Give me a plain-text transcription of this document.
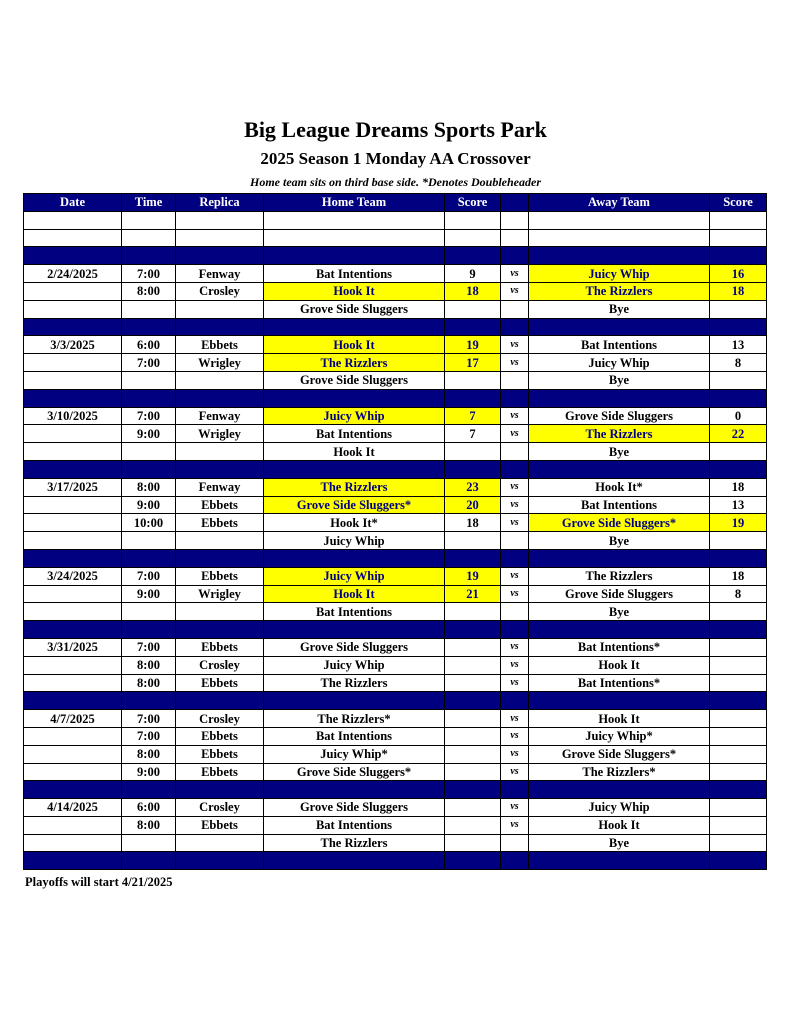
Big League Dreams Sports Park
2025 Season 1 Monday AA Crossover
Home team sits on third base side. *Denotes Doubleheader
Date	Time	Replica	Home Team	Score		Away Team	Score

2/24/2025	7:00	Fenway	Bat Intentions	9	vs	Juicy Whip	16
	8:00	Crosley	Hook It	18	vs	The Rizzlers	18
			Grove Side Sluggers			Bye	

3/3/2025	6:00	Ebbets	Hook It	19	vs	Bat Intentions	13
	7:00	Wrigley	The Rizzlers	17	vs	Juicy Whip	8
			Grove Side Sluggers			Bye	

3/10/2025	7:00	Fenway	Juicy Whip	7	vs	Grove Side Sluggers	0
	9:00	Wrigley	Bat Intentions	7	vs	The Rizzlers	22
			Hook It			Bye	

3/17/2025	8:00	Fenway	The Rizzlers	23	vs	Hook It*	18
	9:00	Ebbets	Grove Side Sluggers*	20	vs	Bat Intentions	13
	10:00	Ebbets	Hook It*	18	vs	Grove Side Sluggers*	19
			Juicy Whip			Bye	

3/24/2025	7:00	Ebbets	Juicy Whip	19	vs	The Rizzlers	18
	9:00	Wrigley	Hook It	21	vs	Grove Side Sluggers	8
			Bat Intentions			Bye	

3/31/2025	7:00	Ebbets	Grove Side Sluggers		vs	Bat Intentions*	
	8:00	Crosley	Juicy Whip		vs	Hook It	
	8:00	Ebbets	The Rizzlers		vs	Bat Intentions*	

4/7/2025	7:00	Crosley	The Rizzlers*		vs	Hook It	
	7:00	Ebbets	Bat Intentions		vs	Juicy Whip*	
	8:00	Ebbets	Juicy Whip*		vs	Grove Side Sluggers*	
	9:00	Ebbets	Grove Side Sluggers*		vs	The Rizzlers*	

4/14/2025	6:00	Crosley	Grove Side Sluggers		vs	Juicy Whip	
	8:00	Ebbets	Bat Intentions		vs	Hook It	
			The Rizzlers			Bye	

Playoffs will start 4/21/2025
